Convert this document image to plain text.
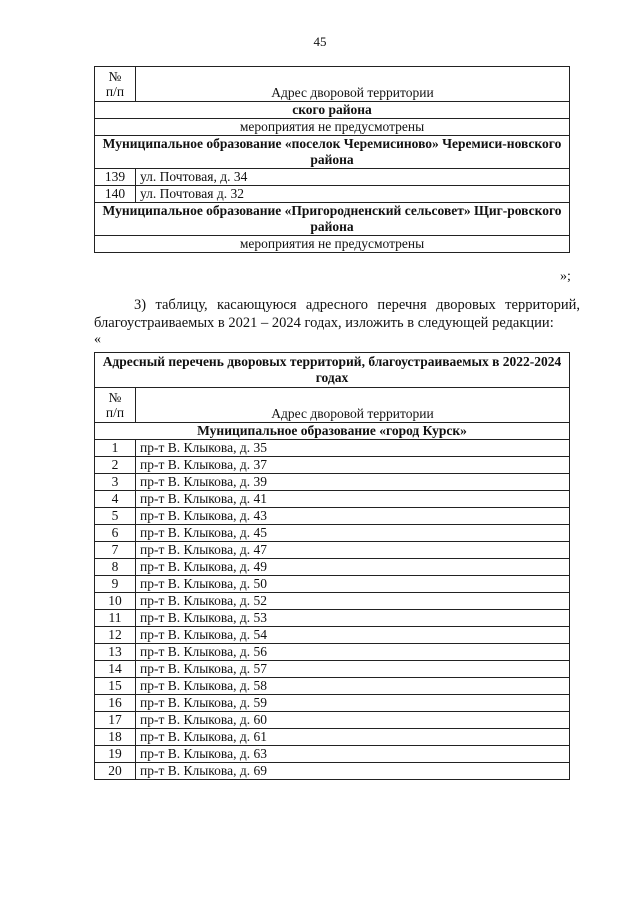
45
№
п/п	Адрес дворовой территории
ского района	
мероприятия не предусмотрены	
Муниципальное образование «поселок Черемисиново» Черемиси-новского района	
139	ул. Почтовая, д. 34
140	ул. Почтовая д. 32
Муниципальное образование «Пригородненский сельсовет» Щиг-ровского района	
мероприятия не предусмотрены	
»;
3) таблицу, касающуюся адресного перечня дворовых территорий, благоустраиваемых в 2021 – 2024 годах, изложить в следующей редакции:
«
Адресный перечень дворовых территорий, благоустраиваемых в 2022-2024 годах	
№
п/п	Адрес дворовой территории
Муниципальное образование «город Курск»	
1	пр-т В. Клыкова, д. 35
2	пр-т В. Клыкова, д. 37
3	пр-т В. Клыкова, д. 39
4	пр-т В. Клыкова, д. 41
5	пр-т В. Клыкова, д. 43
6	пр-т В. Клыкова, д. 45
7	пр-т В. Клыкова, д. 47
8	пр-т В. Клыкова, д. 49
9	пр-т В. Клыкова, д. 50
10	пр-т В. Клыкова, д. 52
11	пр-т В. Клыкова, д. 53
12	пр-т В. Клыкова, д. 54
13	пр-т В. Клыкова, д. 56
14	пр-т В. Клыкова, д. 57
15	пр-т В. Клыкова, д. 58
16	пр-т В. Клыкова, д. 59
17	пр-т В. Клыкова, д. 60
18	пр-т В. Клыкова, д. 61
19	пр-т В. Клыкова, д. 63
20	пр-т В. Клыкова, д. 69
